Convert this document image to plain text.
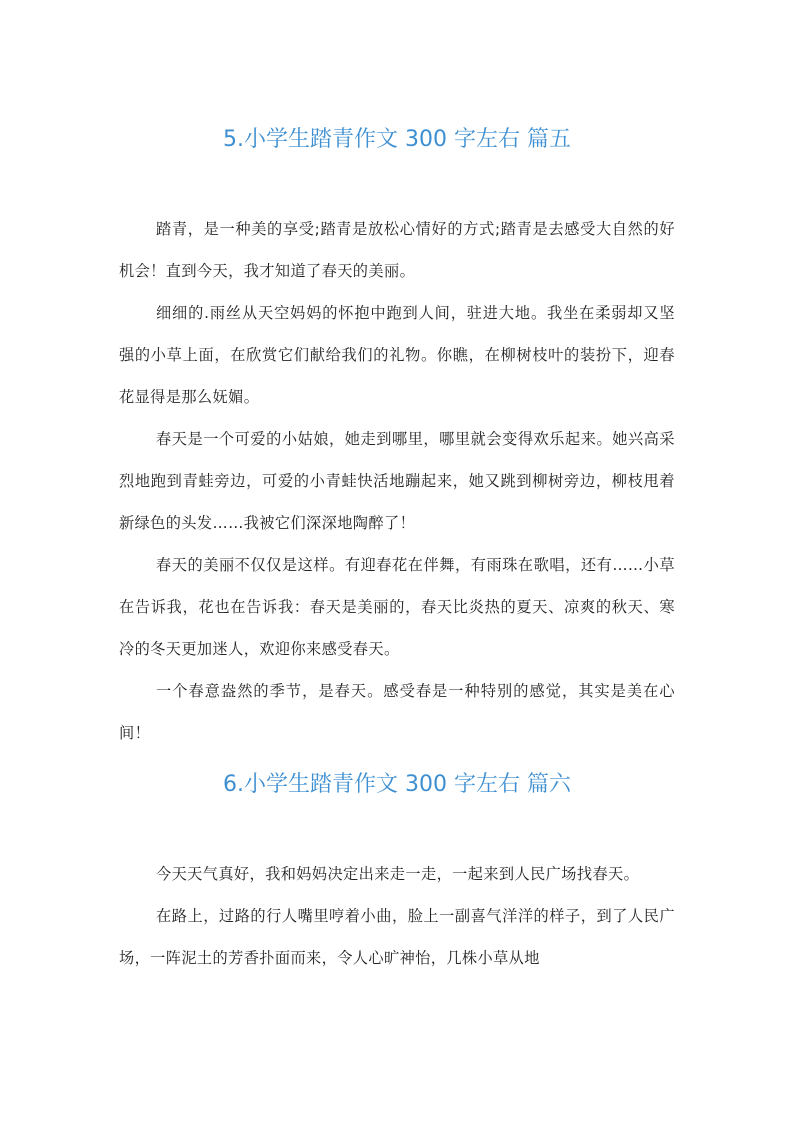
5.小学生踏青作文 300 字左右 篇五

踏青，是一种美的享受;踏青是放松心情好的方式;踏青是去感受大自然的好机会！直到今天，我才知道了春天的美丽。

细细的.雨丝从天空妈妈的怀抱中跑到人间，驻进大地。我坐在柔弱却又坚强的小草上面，在欣赏它们献给我们的礼物。你瞧，在柳树枝叶的装扮下，迎春花显得是那么妩媚。

春天是一个可爱的小姑娘，她走到哪里，哪里就会变得欢乐起来。她兴高采烈地跑到青蛙旁边，可爱的小青蛙快活地蹦起来，她又跳到柳树旁边，柳枝甩着新绿色的头发……我被它们深深地陶醉了！

春天的美丽不仅仅是这样。有迎春花在伴舞，有雨珠在歌唱，还有……小草在告诉我，花也在告诉我：春天是美丽的，春天比炎热的夏天、凉爽的秋天、寒冷的冬天更加迷人，欢迎你来感受春天。

一个春意盎然的季节，是春天。感受春是一种特别的感觉，其实是美在心间！

6.小学生踏青作文 300 字左右 篇六

今天天气真好，我和妈妈决定出来走一走，一起来到人民广场找春天。

在路上，过路的行人嘴里哼着小曲，脸上一副喜气洋洋的样子，到了人民广场，一阵泥土的芳香扑面而来，令人心旷神怡，几株小草从地
